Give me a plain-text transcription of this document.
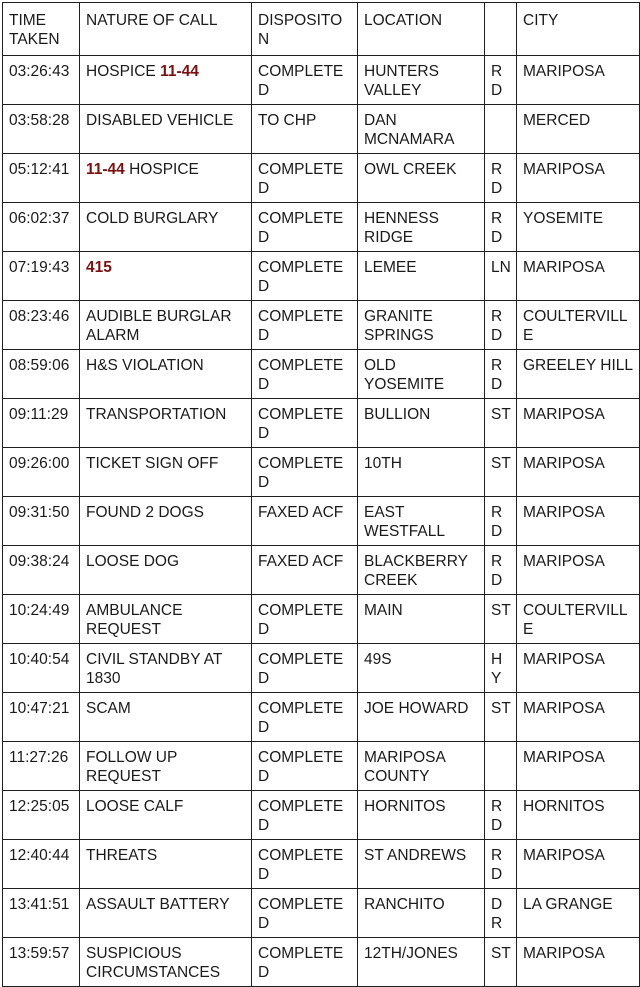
TIME TAKEN	NATURE OF CALL	DISPOSITON	LOCATION		CITY
03:26:43	HOSPICE 11-44	COMPLETED	HUNTERS VALLEY	RD	MARIPOSA
03:58:28	DISABLED VEHICLE	TO CHP	DAN MCNAMARA		MERCED
05:12:41	11-44 HOSPICE	COMPLETED	OWL CREEK	RD	MARIPOSA
06:02:37	COLD BURGLARY	COMPLETED	HENNESS RIDGE	RD	YOSEMITE
07:19:43	415	COMPLETED	LEMEE	LN	MARIPOSA
08:23:46	AUDIBLE BURGLAR ALARM	COMPLETED	GRANITE SPRINGS	RD	COULTERVILLE
08:59:06	H&S VIOLATION	COMPLETED	OLD YOSEMITE	RD	GREELEY HILL
09:11:29	TRANSPORTATION	COMPLETED	BULLION	ST	MARIPOSA
09:26:00	TICKET SIGN OFF	COMPLETED	10TH	ST	MARIPOSA
09:31:50	FOUND 2 DOGS	FAXED ACF	EAST WESTFALL	RD	MARIPOSA
09:38:24	LOOSE DOG	FAXED ACF	BLACKBERRY CREEK	RD	MARIPOSA
10:24:49	AMBULANCE REQUEST	COMPLETED	MAIN	ST	COULTERVILLE
10:40:54	CIVIL STANDBY AT 1830	COMPLETED	49S	HY	MARIPOSA
10:47:21	SCAM	COMPLETED	JOE HOWARD	ST	MARIPOSA
11:27:26	FOLLOW UP REQUEST	COMPLETED	MARIPOSA COUNTY		MARIPOSA
12:25:05	LOOSE CALF	COMPLETED	HORNITOS	RD	HORNITOS
12:40:44	THREATS	COMPLETED	ST ANDREWS	RD	MARIPOSA
13:41:51	ASSAULT BATTERY	COMPLETED	RANCHITO	DR	LA GRANGE
13:59:57	SUSPICIOUS CIRCUMSTANCES	COMPLETED	12TH/JONES	ST	MARIPOSA
